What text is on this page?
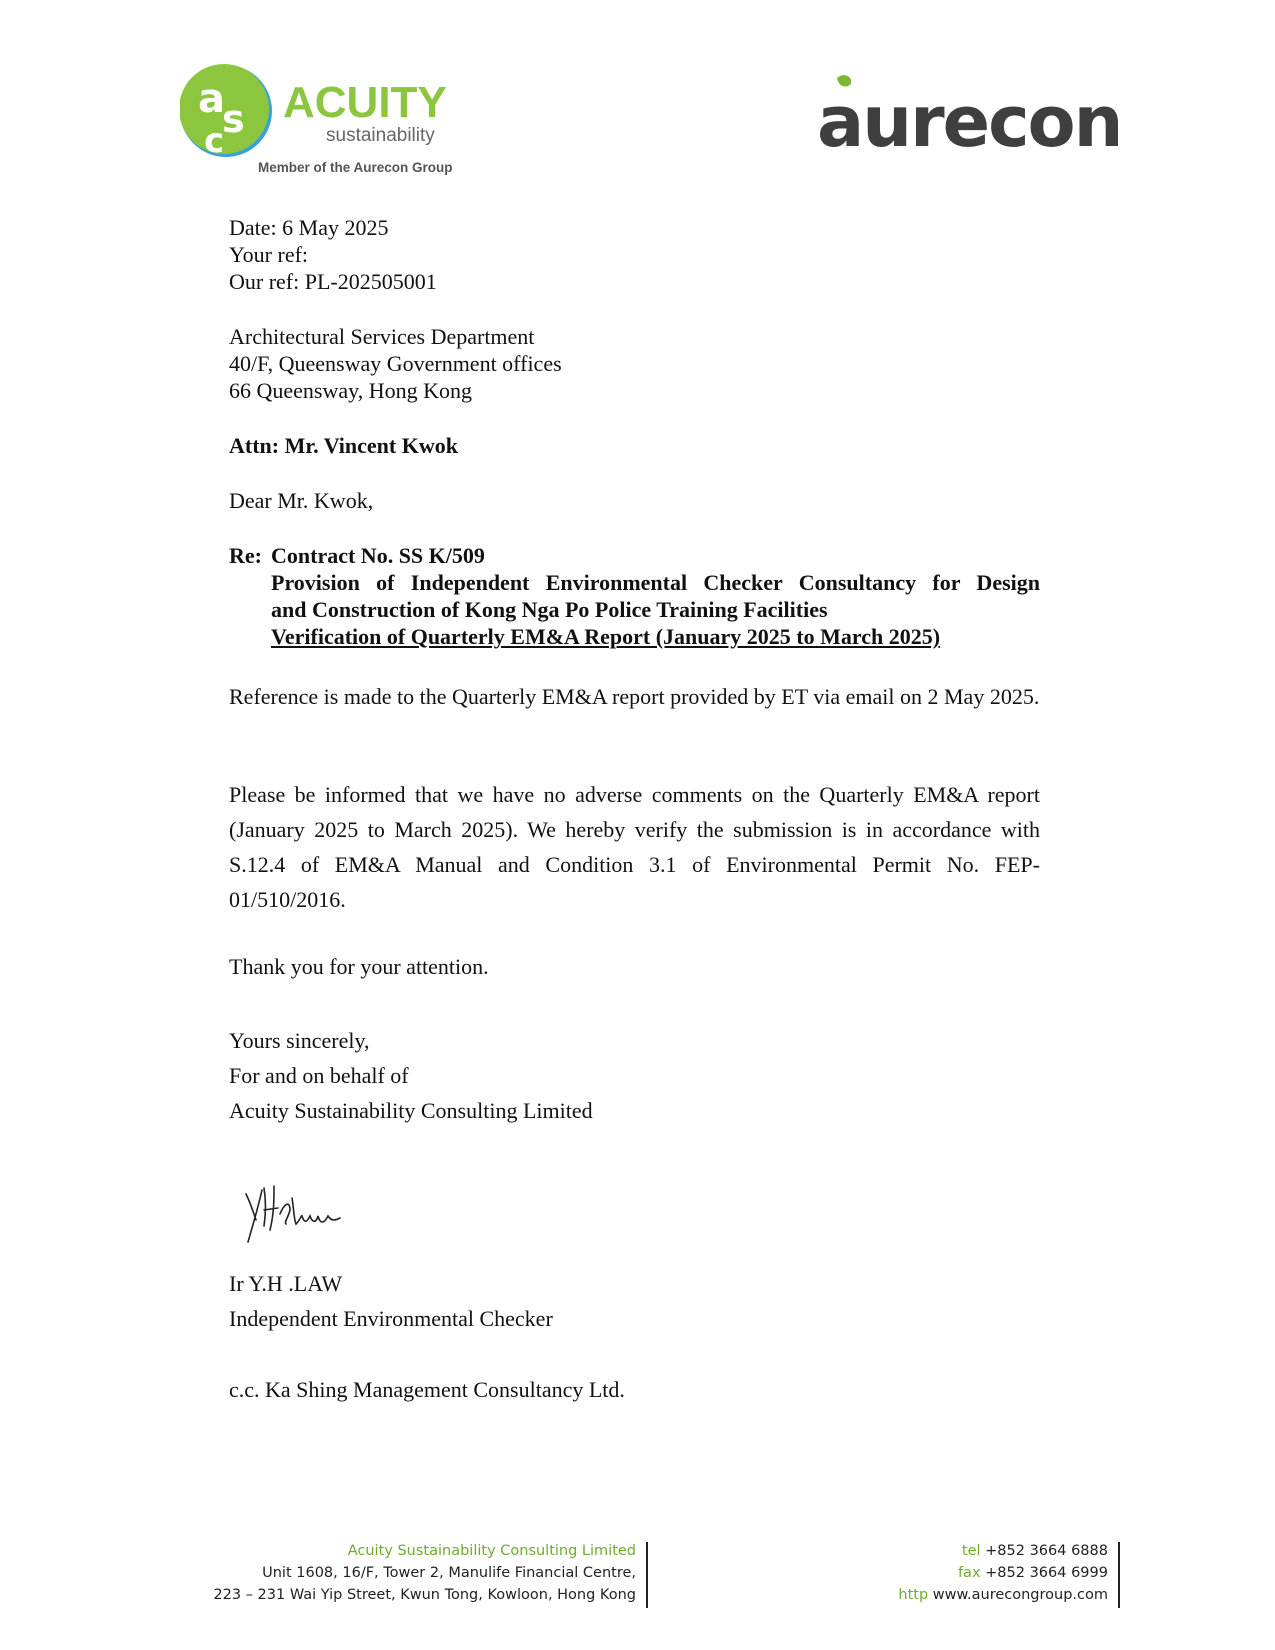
a
s
c
ACUITY
sustainability
Member of the Aurecon Group
aurecon
Date: 6 May 2025
Your ref:
Our ref: PL-202505001
Architectural Services Department
40/F, Queensway Government offices
66 Queensway, Hong Kong
Attn: Mr. Vincent Kwok
Dear Mr. Kwok,
Re: Contract No. SS K/509
Provision of Independent Environmental Checker Consultancy for Design
and Construction of Kong Nga Po Police Training Facilities
Verification of Quarterly EM&A Report (January 2025 to March 2025)
Reference is made to the Quarterly EM&A report provided by ET via email on 2 May 2025.
Please be informed that we have no adverse comments on the Quarterly EM&A report (January 2025 to March 2025). We hereby verify the submission is in accordance with S.12.4 of EM&A Manual and Condition 3.1 of Environmental Permit No. FEP-01/510/2016.
Thank you for your attention.
Yours sincerely,
For and on behalf of
Acuity Sustainability Consulting Limited
Ir Y.H .LAW
Independent Environmental Checker
c.c. Ka Shing Management Consultancy Ltd.
Acuity Sustainability Consulting Limited
Unit 1608, 16/F, Tower 2, Manulife Financial Centre,
223 – 231 Wai Yip Street, Kwun Tong, Kowloon, Hong Kong
tel +852 3664 6888
fax +852 3664 6999
http www.aurecongroup.com
